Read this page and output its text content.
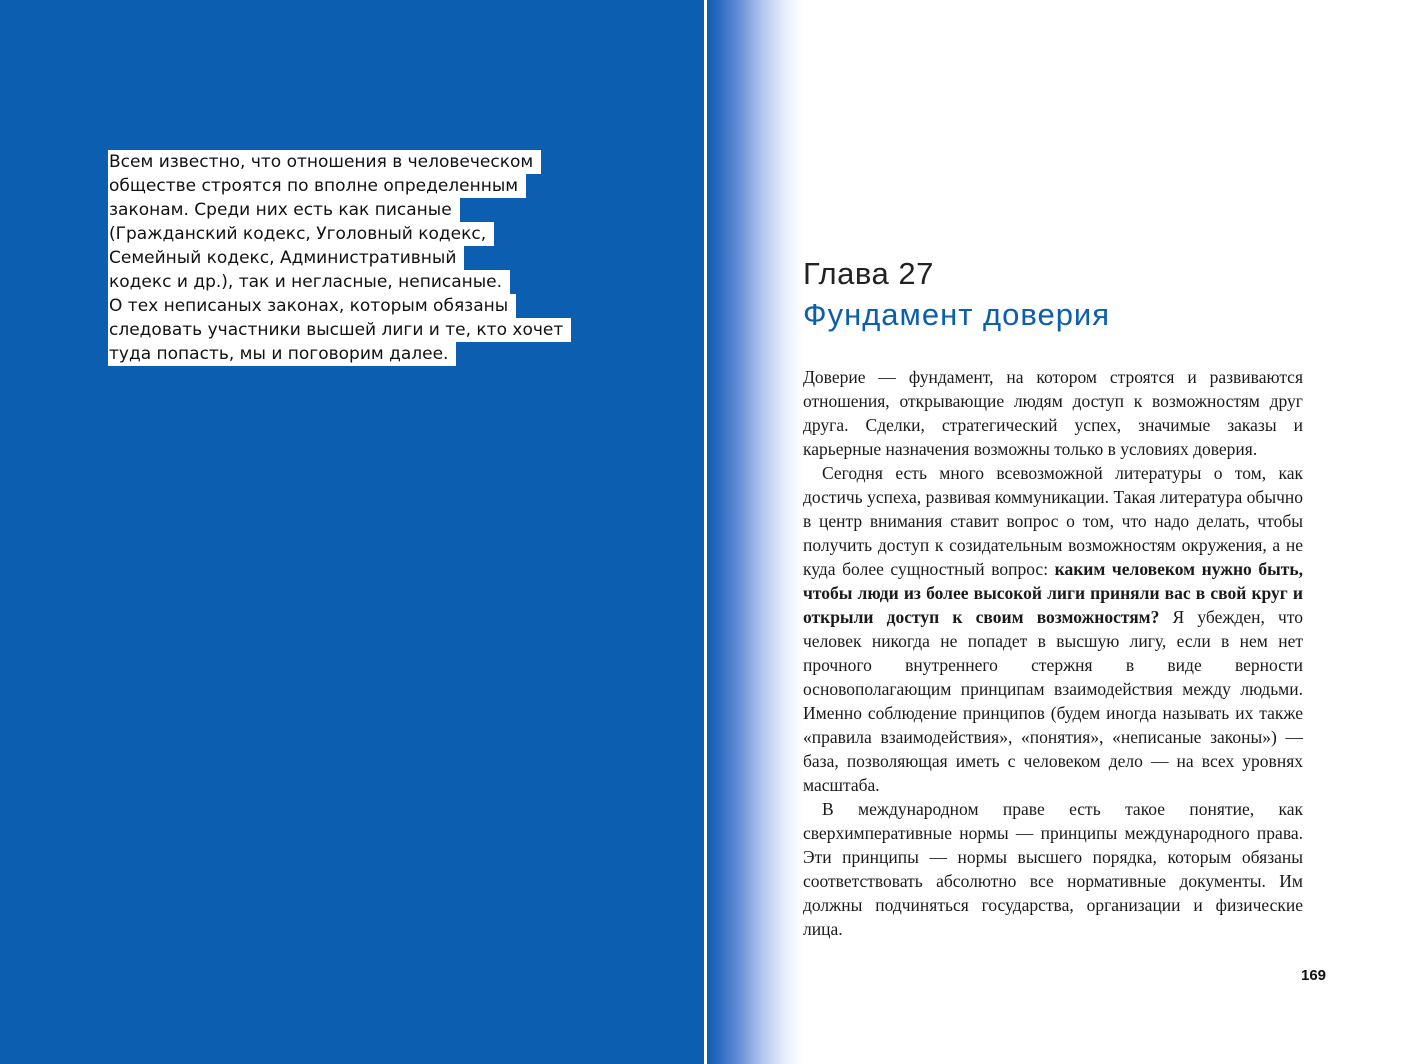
Всем известно, что отношения в человеческом
обществе строятся по вполне определенным
законам. Среди них есть как писаные
(Гражданский кодекс, Уголовный кодекс,
Семейный кодекс, Административный
кодекс и др.), так и негласные, неписаные.
О тех неписаных законах, которым обязаны
следовать участники высшей лиги и те, кто хочет
туда попасть, мы и поговорим далее.
Глава 27
Фундамент доверия

Доверие — фундамент, на котором строятся и развиваются отношения, открывающие людям доступ к возможностям друг друга. Сделки, стратегический успех, значимые заказы и карьерные назначения возможны только в условиях доверия.

Сегодня есть много всевозможной литературы о том, как достичь успеха, развивая коммуникации. Такая литература обычно в центр внимания ставит вопрос о том, что надо делать, чтобы получить доступ к созидательным возможностям окружения, а не куда более сущностный вопрос: каким человеком нужно быть, чтобы люди из более высокой лиги приняли вас в свой круг и открыли доступ к своим возможностям? Я убежден, что человек никогда не попадет в высшую лигу, если в нем нет прочного внутреннего стержня в виде верности основополагающим принципам взаимодействия между людьми. Именно соблюдение принципов (будем иногда называть их также «правила взаимодействия», «понятия», «неписаные законы») — база, позволяющая иметь с человеком дело — на всех уровнях масштаба.

В международном праве есть такое понятие, как сверхимперативные нормы — принципы международного права. Эти принципы — нормы высшего порядка, которым обязаны соответствовать абсолютно все нормативные документы. Им должны подчиняться государства, организации и физические лица.

169
